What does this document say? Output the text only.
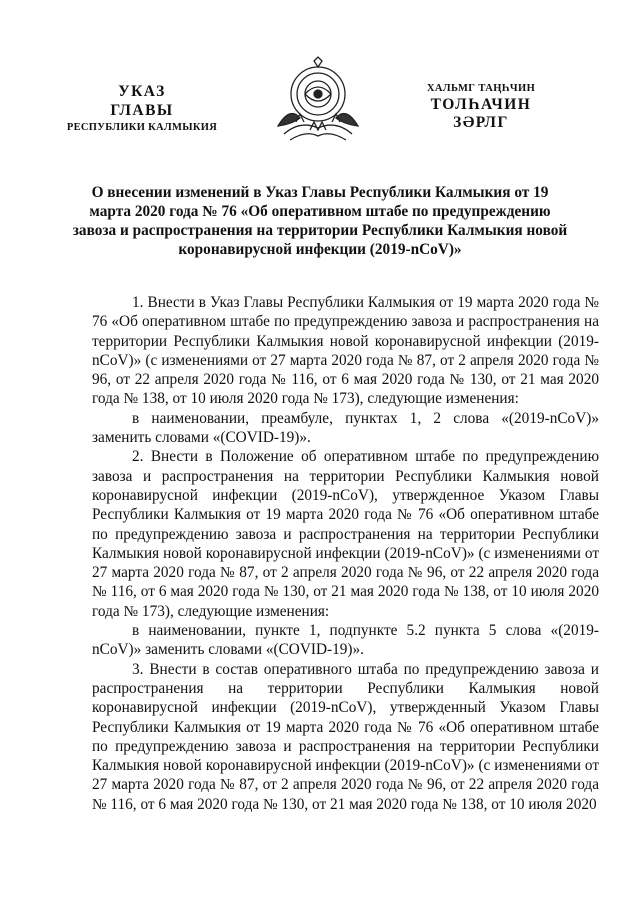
УКАЗ
ГЛАВЫ
РЕСПУБЛИКИ КАЛМЫКИЯ
ХАЛЬМГ ТАҢҺЧИН
ТОЛҺАЧИН
ЗӘРЛГ
О внесении изменений в Указ Главы Республики Калмыкия от 19 марта 2020 года № 76 «Об оперативном штабе по предупреждению завоза и распространения на территории Республики Калмыкия новой коронавирусной инфекции (2019-nCoV)»

1. Внести в Указ Главы Республики Калмыкия от 19 марта 2020 года № 76 «Об оперативном штабе по предупреждению завоза и распространения на территории Республики Калмыкия новой коронавирусной инфекции (2019-nCoV)» (с изменениями от 27 марта 2020 года № 87, от 2 апреля 2020 года № 96, от 22 апреля 2020 года № 116, от 6 мая 2020 года № 130, от 21 мая 2020 года № 138, от 10 июля 2020 года № 173), следующие изменения:

в наименовании, преамбуле, пунктах 1, 2 слова «(2019-nCoV)» заменить словами «(COVID-19)».

2. Внести в Положение об оперативном штабе по предупреждению завоза и распространения на территории Республики Калмыкия новой коронавирусной инфекции (2019-nCoV), утвержденное Указом Главы Республики Калмыкия от 19 марта 2020 года № 76 «Об оперативном штабе по предупреждению завоза и распространения на территории Республики Калмыкия новой коронавирусной инфекции (2019-nCoV)» (с изменениями от 27 марта 2020 года № 87, от 2 апреля 2020 года № 96, от 22 апреля 2020 года № 116, от 6 мая 2020 года № 130, от 21 мая 2020 года № 138, от 10 июля 2020 года № 173), следующие изменения:

в наименовании, пункте 1, подпункте 5.2 пункта 5 слова «(2019-nCoV)» заменить словами «(COVID-19)».

3. Внести в состав оперативного штаба по предупреждению завоза и распространения на территории Республики Калмыкия новой коронавирусной инфекции (2019-nCoV), утвержденный Указом Главы Республики Калмыкия от 19 марта 2020 года № 76 «Об оперативном штабе по предупреждению завоза и распространения на территории Республики Калмыкия новой коронавирусной инфекции (2019-nCoV)» (с изменениями от 27 марта 2020 года № 87, от 2 апреля 2020 года № 96, от 22 апреля 2020 года № 116, от 6 мая 2020 года № 130, от 21 мая 2020 года № 138, от 10 июля 2020
